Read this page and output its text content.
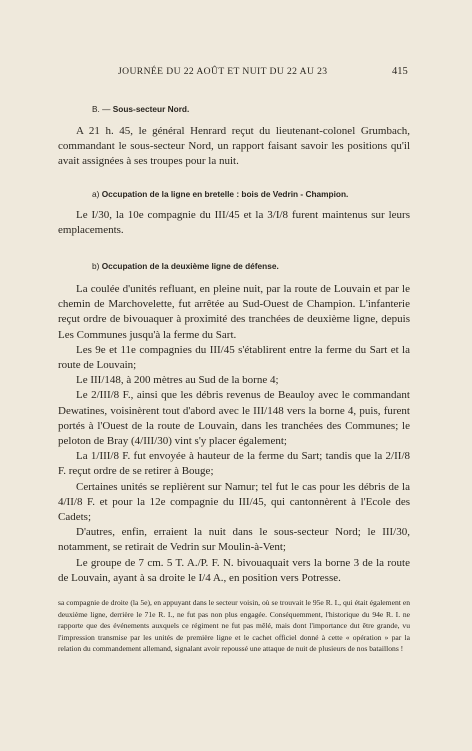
JOURNÉE DU 22 AOÛT ET NUIT DU 22 AU 23	415
B. — Sous-secteur Nord.

A 21 h. 45, le général Henrard reçut du lieutenant-colonel Grumbach, commandant le sous-secteur Nord, un rapport faisant savoir les positions qu'il avait assignées à ses troupes pour la nuit.

a) Occupation de la ligne en bretelle : bois de Vedrin - Champion.

Le I/30, la 10e compagnie du III/45 et la 3/I/8 furent maintenus sur leurs emplacements.

b) Occupation de la deuxième ligne de défense.

La coulée d'unités refluant, en pleine nuit, par la route de Louvain et par le chemin de Marchovelette, fut arrêtée au Sud-Ouest de Champion. L'infanterie reçut ordre de bivouaquer à proximité des tranchées de deuxième ligne, depuis Les Communes jusqu'à la ferme du Sart.

Les 9e et 11e compagnies du III/45 s'établirent entre la ferme du Sart et la route de Louvain;

Le III/148, à 200 mètres au Sud de la borne 4;

Le 2/III/8 F., ainsi que les débris revenus de Beauloy avec le commandant Dewatines, voisinèrent tout d'abord avec le III/148 vers la borne 4, puis, furent portés à l'Ouest de la route de Louvain, dans les tranchées des Communes; le peloton de Bray (4/III/30) vint s'y placer également;

La 1/III/8 F. fut envoyée à hauteur de la ferme du Sart; tandis que la 2/II/8 F. reçut ordre de se retirer à Bouge;

Certaines unités se replièrent sur Namur; tel fut le cas pour les débris de la 4/II/8 F. et pour la 12e compagnie du III/45, qui cantonnèrent à l'Ecole des Cadets;

D'autres, enfin, erraient la nuit dans le sous-secteur Nord; le III/30, notamment, se retirait de Vedrin sur Moulin-à-Vent;

Le groupe de 7 cm. 5 T. A./P. F. N. bivouaquait vers la borne 3 de la route de Louvain, ayant à sa droite le I/4 A., en position vers Potresse.

sa compagnie de droite (la 5e), en appuyant dans le secteur voisin, où se trouvait le 95e R. I., qui était également en deuxième ligne, derrière le 71e R. I., ne fut pas non plus engagée. Conséquemment, l'historique du 94e R. I. ne rapporte que des événements auxquels ce régiment ne fut pas mêlé, mais dont l'importance dut être grande, vu l'impression transmise par les unités de première ligne et le cachet officiel donné à cette « opération » par la relation du commandement allemand, signalant avoir repoussé une attaque de nuit de plusieurs de nos bataillons !
